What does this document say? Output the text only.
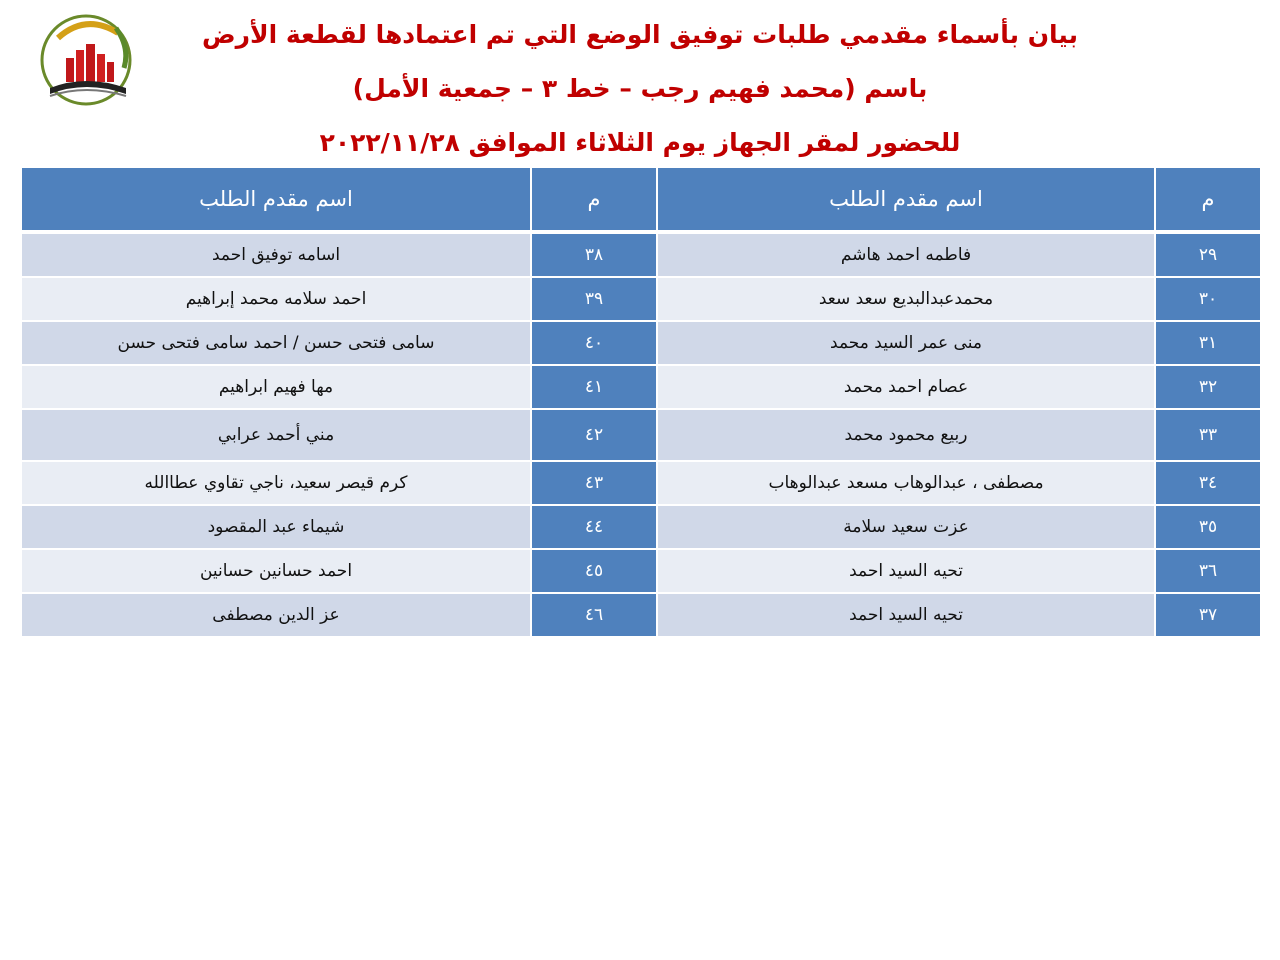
بيان بأسماء مقدمي طلبات توفيق الوضع التي تم اعتمادها لقطعة الأرض
باسم (محمد فهيم رجب – خط ٣ – جمعية الأمل)
للحضور لمقر الجهاز يوم الثلاثاء الموافق ٢٠٢٢/١١/٢٨
م	اسم مقدم الطلب	م	اسم مقدم الطلب
٢٩	فاطمه احمد هاشم	٣٨	اسامه توفيق احمد
٣٠	محمدعبدالبديع سعد سعد	٣٩	احمد سلامه محمد إبراهيم
٣١	منى عمر السيد محمد	٤٠	سامى فتحى حسن / احمد سامى فتحى حسن
٣٢	عصام احمد محمد	٤١	مها فهيم ابراهيم
٣٣	ربيع محمود محمد	٤٢	مني أحمد عرابي
٣٤	مصطفى ، عبدالوهاب مسعد عبدالوهاب	٤٣	كرم قيصر سعيد، ناجي تقاوي عطاالله
٣٥	عزت سعيد سلامة	٤٤	شيماء عبد المقصود
٣٦	تحيه السيد احمد	٤٥	احمد حسانين حسانين
٣٧	تحيه السيد احمد	٤٦	عز الدين مصطفى
